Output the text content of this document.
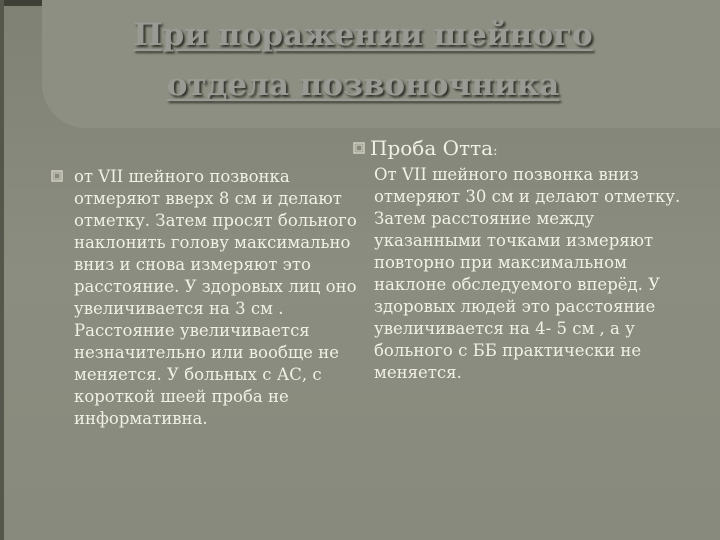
При поражении шейного отдела позвоночника

от VII шейного позвонка отмеряют вверх 8 см и делают отметку. Затем просят больного наклонить голову максимально вниз и снова измеряют это расстояние. У здоровых лиц оно увеличивается на 3 см . Расстояние увеличивается незначительно или вообще не меняется. У больных с АС, с короткой шеей проба не информативна.

Проба Отта:

От VII шейного позвонка вниз отмеряют 30 см и делают отметку. Затем расстояние между указанными точками измеряют повторно при максимальном наклоне обследуемого вперёд. У здоровых людей это расстояние увеличивается на 4- 5 см , а у больного с ББ практически не меняется.
